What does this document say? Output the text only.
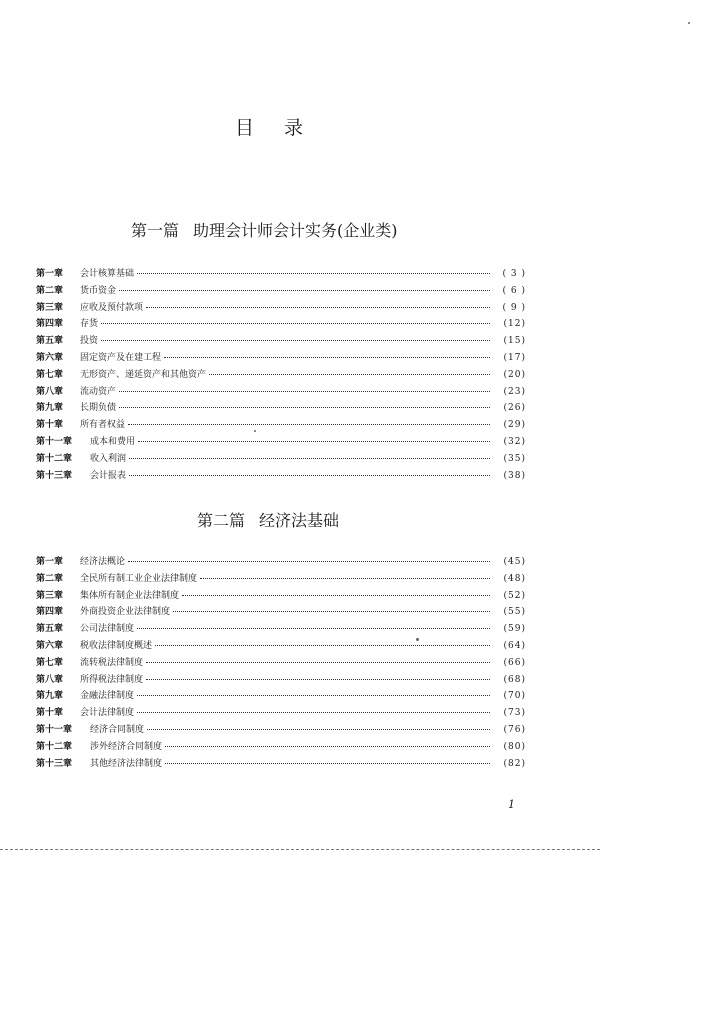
目 录
第一篇 助理会计师会计实务(企业类)
第一章	会计核算基础	( 3 )
第二章	货币资金	( 6 )
第三章	应收及预付款项	( 9 )
第四章	存货	(12)
第五章	投资	(15)
第六章	固定资产及在建工程	(17)
第七章	无形资产、递延资产和其他资产	(20)
第八章	流动资产	(23)
第九章	长期负债	(26)
第十章	所有者权益	(29)
第十一章	成本和费用	(32)
第十二章	收入利润	(35)
第十三章	会计报表	(38)
第二篇 经济法基础
第一章	经济法概论	(45)
第二章	全民所有制工业企业法律制度	(48)
第三章	集体所有制企业法律制度	(52)
第四章	外商投资企业法律制度	(55)
第五章	公司法律制度	(59)
第六章	税收法律制度概述	(64)
第七章	流转税法律制度	(66)
第八章	所得税法律制度	(68)
第九章	金融法律制度	(70)
第十章	会计法律制度	(73)
第十一章	经济合同制度	(76)
第十二章	涉外经济合同制度	(80)
第十三章	其他经济法律制度	(82)
1
